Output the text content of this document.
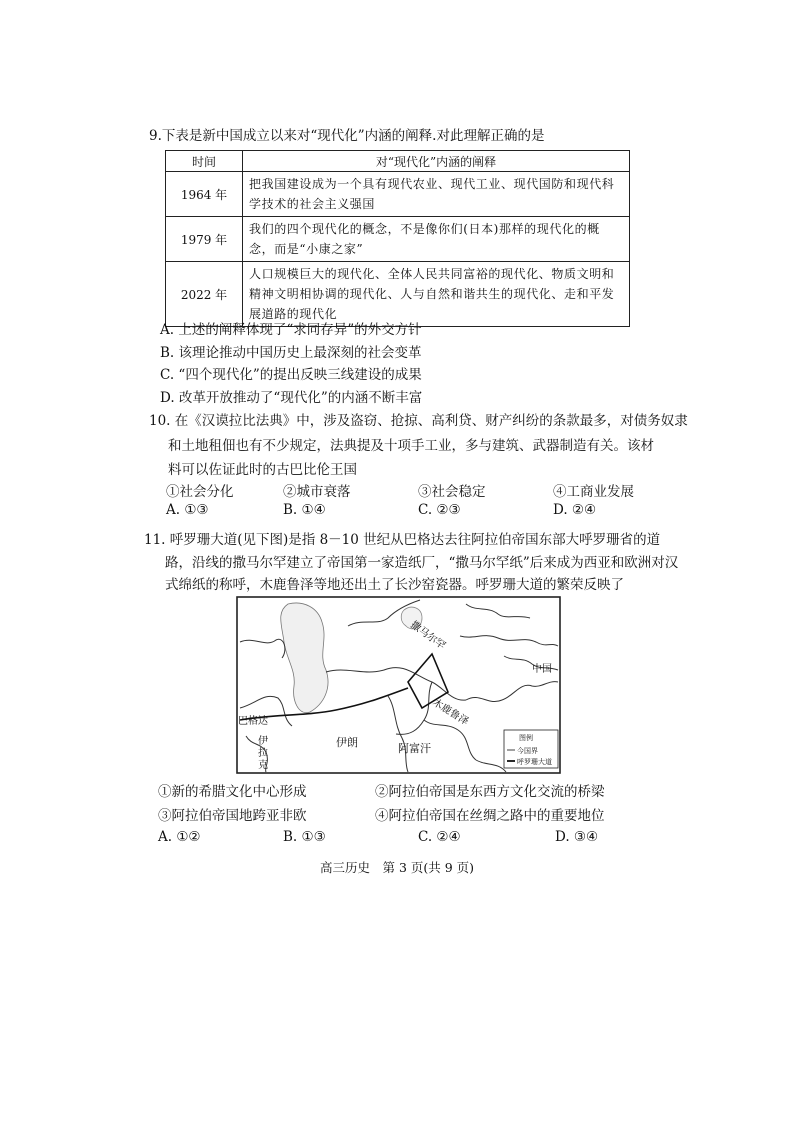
9.下表是新中国成立以来对“现代化”内涵的阐释.对此理解正确的是
时间	对“现代化”内涵的阐释
1964 年	把我国建设成为一个具有现代农业、现代工业、现代国防和现代科
学技术的社会主义强国

1979 年	我们的四个现代化的概念，不是像你们(日本)那样的现代化的概
念，而是“小康之家”

2022 年	人口规模巨大的现代化、全体人民共同富裕的现代化、物质文明和
精神文明相协调的现代化、人与自然和谐共生的现代化、走和平发
展道路的现代化
A. 上述的阐释体现了“求同存异”的外交方针
B. 该理论推动中国历史上最深刻的社会变革
C. “四个现代化”的提出反映三线建设的成果
D. 改革开放推动了“现代化”的内涵不断丰富
10. 在《汉谟拉比法典》中，涉及盗窃、抢掠、高利贷、财产纠纷的条款最多，对债务奴隶
和土地租佃也有不少规定，法典提及十项手工业，多与建筑、武器制造有关。该材
料可以佐证此时的古巴比伦王国
①社会分化	②城市衰落	③社会稳定	④工商业发展
A. ①③	B. ①④	C. ②③	D. ②④
11. 呼罗珊大道(见下图)是指 8－10 世纪从巴格达去往阿拉伯帝国东部大呼罗珊省的道
路，沿线的撒马尔罕建立了帝国第一家造纸厂，“撒马尔罕纸”后来成为西亚和欧洲对汉
式绵纸的称呼，木鹿鲁泽等地还出土了长沙窑瓷器。呼罗珊大道的繁荣反映了
撒马尔罕
中国
木鹿鲁泽
巴格达
伊
拉
克
伊朗	阿富汗
图例
今国界
呼罗珊大道
①新的希腊文化中心形成	②阿拉伯帝国是东西方文化交流的桥梁
③阿拉伯帝国地跨亚非欧	④阿拉伯帝国在丝绸之路中的重要地位
A. ①②	B. ①③	C. ②④	D. ③④
高三历史　第 3 页(共 9 页)
